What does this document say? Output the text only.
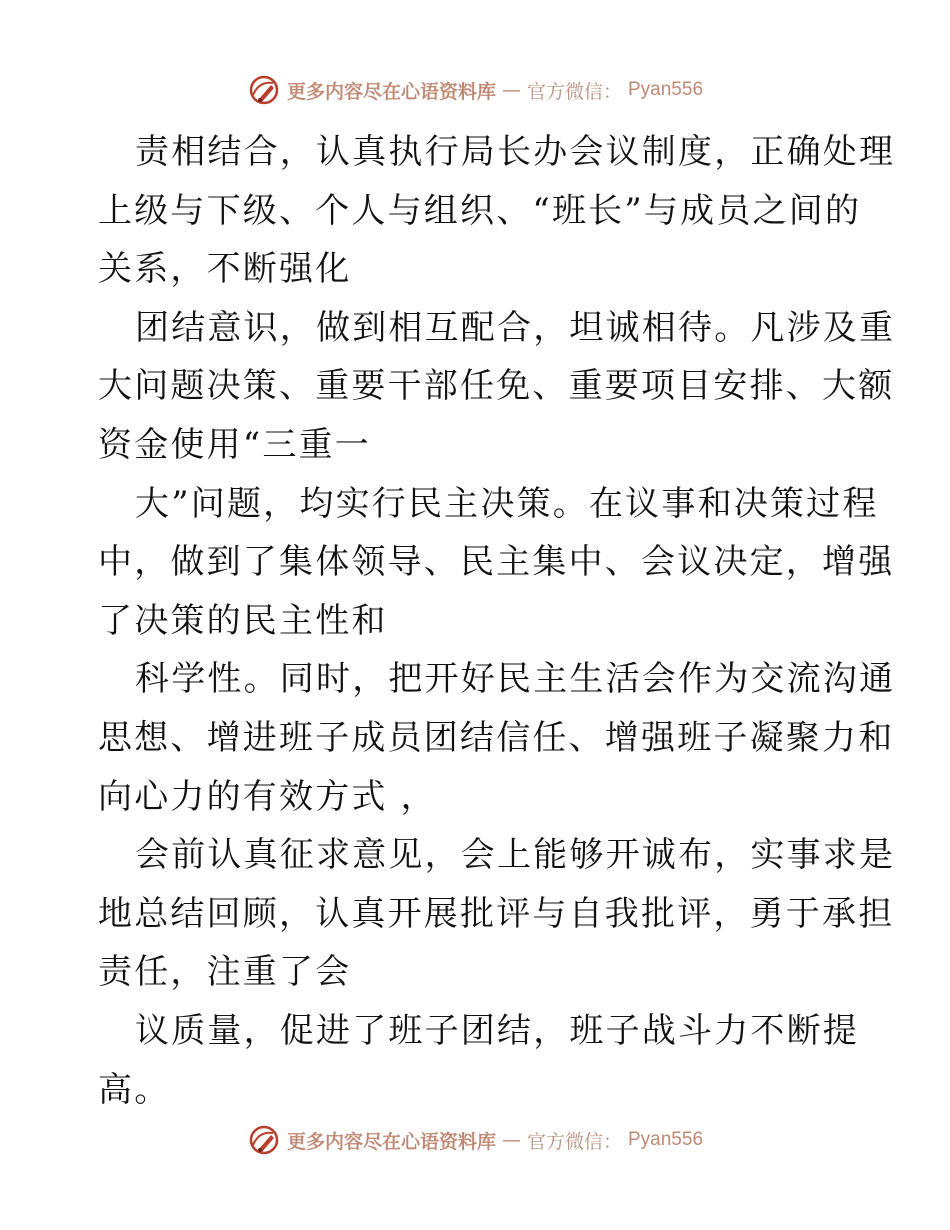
更多内容尽在心语资料库 — 官方微信： Pyan556
责相结合，认真执行局长办会议制度，正确处理
上级与下级、个人与组织、“班长”与成员之间的
关系，不断强化
团结意识，做到相互配合，坦诚相待。凡涉及重
大问题决策、重要干部任免、重要项目安排、大额
资金使用“三重一
大”问题，均实行民主决策。在议事和决策过程
中，做到了集体领导、民主集中、会议决定，增强
了决策的民主性和
科学性。同时，把开好民主生活会作为交流沟通
思想、增进班子成员团结信任、增强班子凝聚力和
向心力的有效方式 ，
会前认真征求意见，会上能够开诚布，实事求是
地总结回顾，认真开展批评与自我批评，勇于承担
责任，注重了会
议质量，促进了班子团结，班子战斗力不断提
高。
更多内容尽在心语资料库 — 官方微信： Pyan556
